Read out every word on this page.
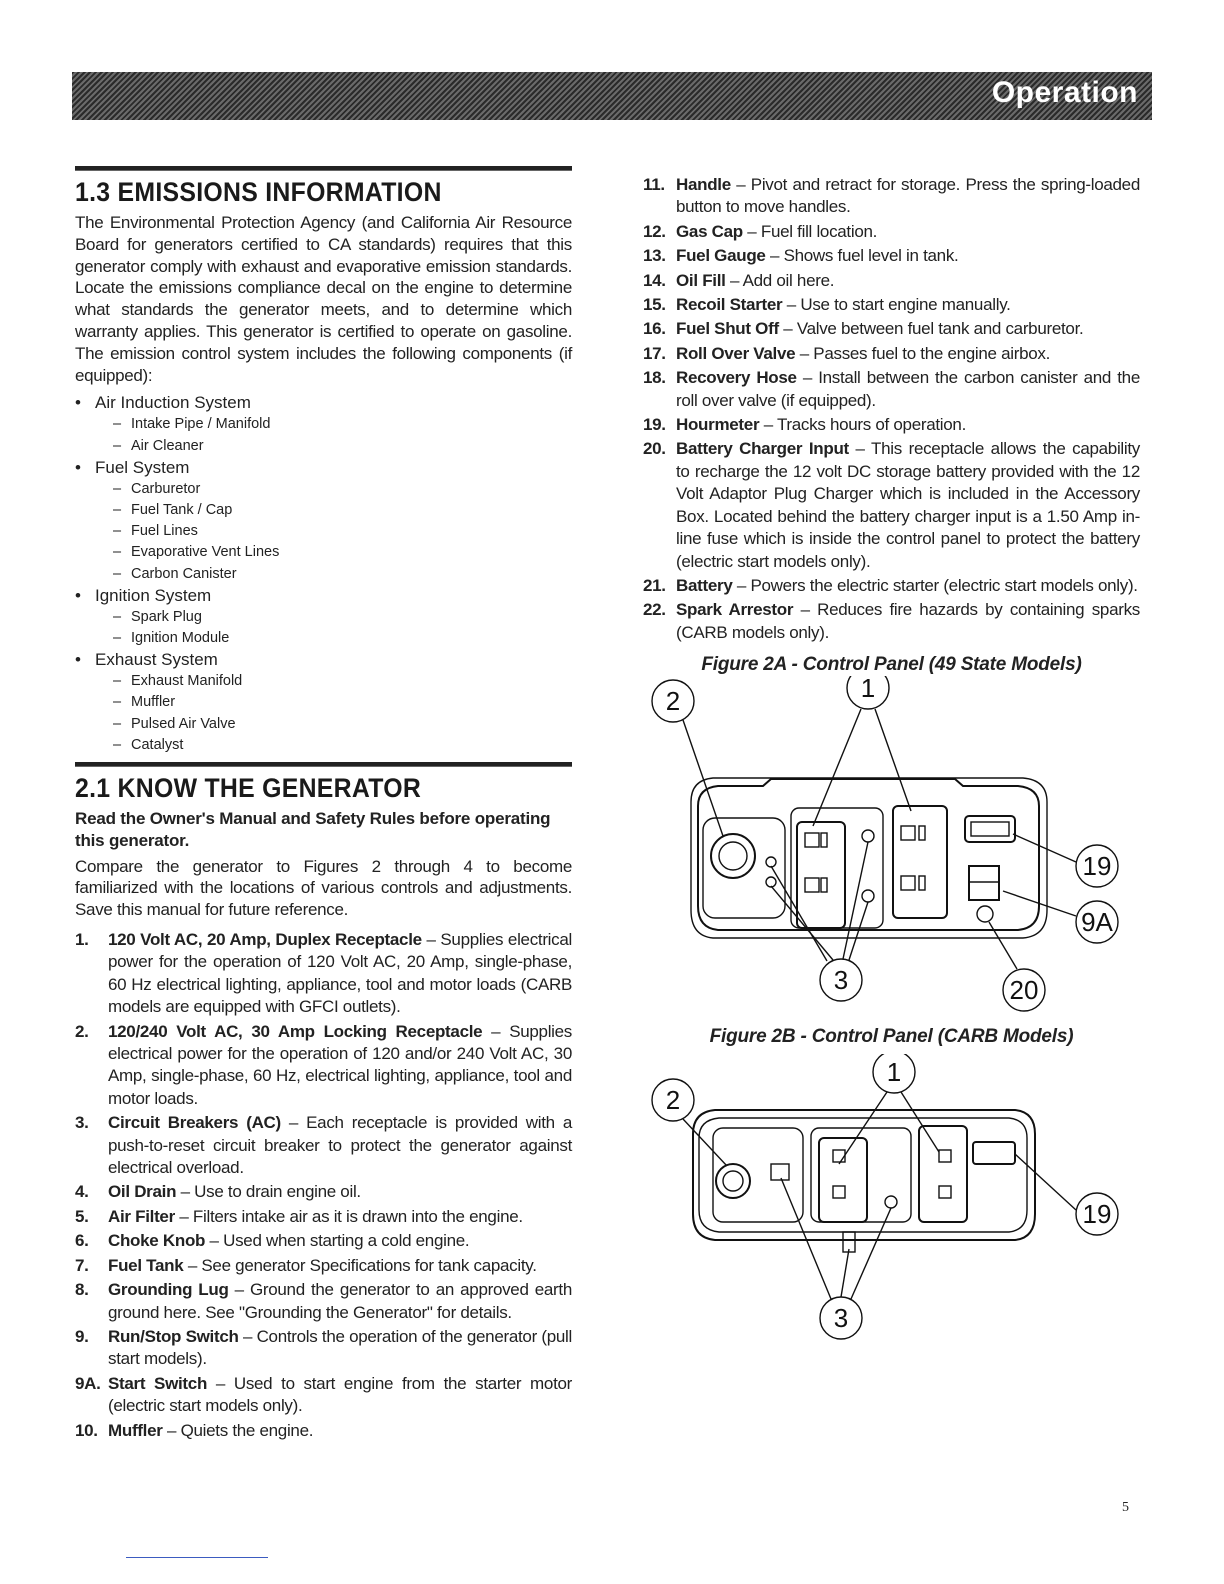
Operation
1.3 EMISSIONS INFORMATION

The Environmental Protection Agency (and California Air Resource Board for generators certified to CA standards) requires that this generator comply with exhaust and evaporative emission standards. Locate the emissions compliance decal on the engine to determine what standards the generator meets, and to determine which warranty applies. This generator is certified to operate on gasoline. The emission control system includes the following components (if equipped):

• Air Induction System
– Intake Pipe / Manifold
– Air Cleaner
• Fuel System
– Carburetor
– Fuel Tank / Cap
– Fuel Lines
– Evaporative Vent Lines
– Carbon Canister
• Ignition System
– Spark Plug
– Ignition Module
• Exhaust System
– Exhaust Manifold
– Muffler
– Pulsed Air Valve
– Catalyst
2.1 KNOW THE GENERATOR

Read the Owner's Manual and Safety Rules before operating this generator.

Compare the generator to Figures 2 through 4 to become familiarized with the locations of various controls and adjustments. Save this manual for future reference.

1. 120 Volt AC, 20 Amp, Duplex Receptacle – Supplies electrical power for the operation of 120 Volt AC, 20 Amp, single-phase, 60 Hz electrical lighting, appliance, tool and motor loads (CARB models are equipped with GFCI outlets).
2. 120/240 Volt AC, 30 Amp Locking Receptacle – Supplies electrical power for the operation of 120 and/or 240 Volt AC, 30 Amp, single-phase, 60 Hz, electrical lighting, appliance, tool and motor loads.
3. Circuit Breakers (AC) – Each receptacle is provided with a push-to-reset circuit breaker to protect the generator against electrical overload.
4. Oil Drain – Use to drain engine oil.
5. Air Filter – Filters intake air as it is drawn into the engine.
6. Choke Knob – Used when starting a cold engine.
7. Fuel Tank – See generator Specifications for tank capacity.
8. Grounding Lug – Ground the generator to an approved earth ground here. See "Grounding the Generator" for details.
9. Run/Stop Switch – Controls the operation of the generator (pull start models).
9A. Start Switch – Used to start engine from the starter motor (electric start models only).
10. Muffler – Quiets the engine.
11. Handle – Pivot and retract for storage. Press the spring-loaded button to move handles.
12. Gas Cap – Fuel fill location.
13. Fuel Gauge – Shows fuel level in tank.
14. Oil Fill – Add oil here.
15. Recoil Starter – Use to start engine manually.
16. Fuel Shut Off – Valve between fuel tank and carburetor.
17. Roll Over Valve – Passes fuel to the engine airbox.
18. Recovery Hose – Install between the carbon canister and the roll over valve (if equipped).
19. Hourmeter – Tracks hours of operation.
20. Battery Charger Input – This receptacle allows the capability to recharge the 12 volt DC storage battery provided with the 12 Volt Adaptor Plug Charger which is included in the Accessory Box. Located behind the battery charger input is a 1.50 Amp in-line fuse which is inside the control panel to protect the battery (electric start models only).
21. Battery – Powers the electric starter (electric start models only).
22. Spark Arrestor – Reduces fire hazards by containing sparks (CARB models only).
Figure 2A - Control Panel (49 State Models)
2	1
3
19
9A
20
Figure 2B - Control Panel (CARB Models)
2
1
3
19
5
